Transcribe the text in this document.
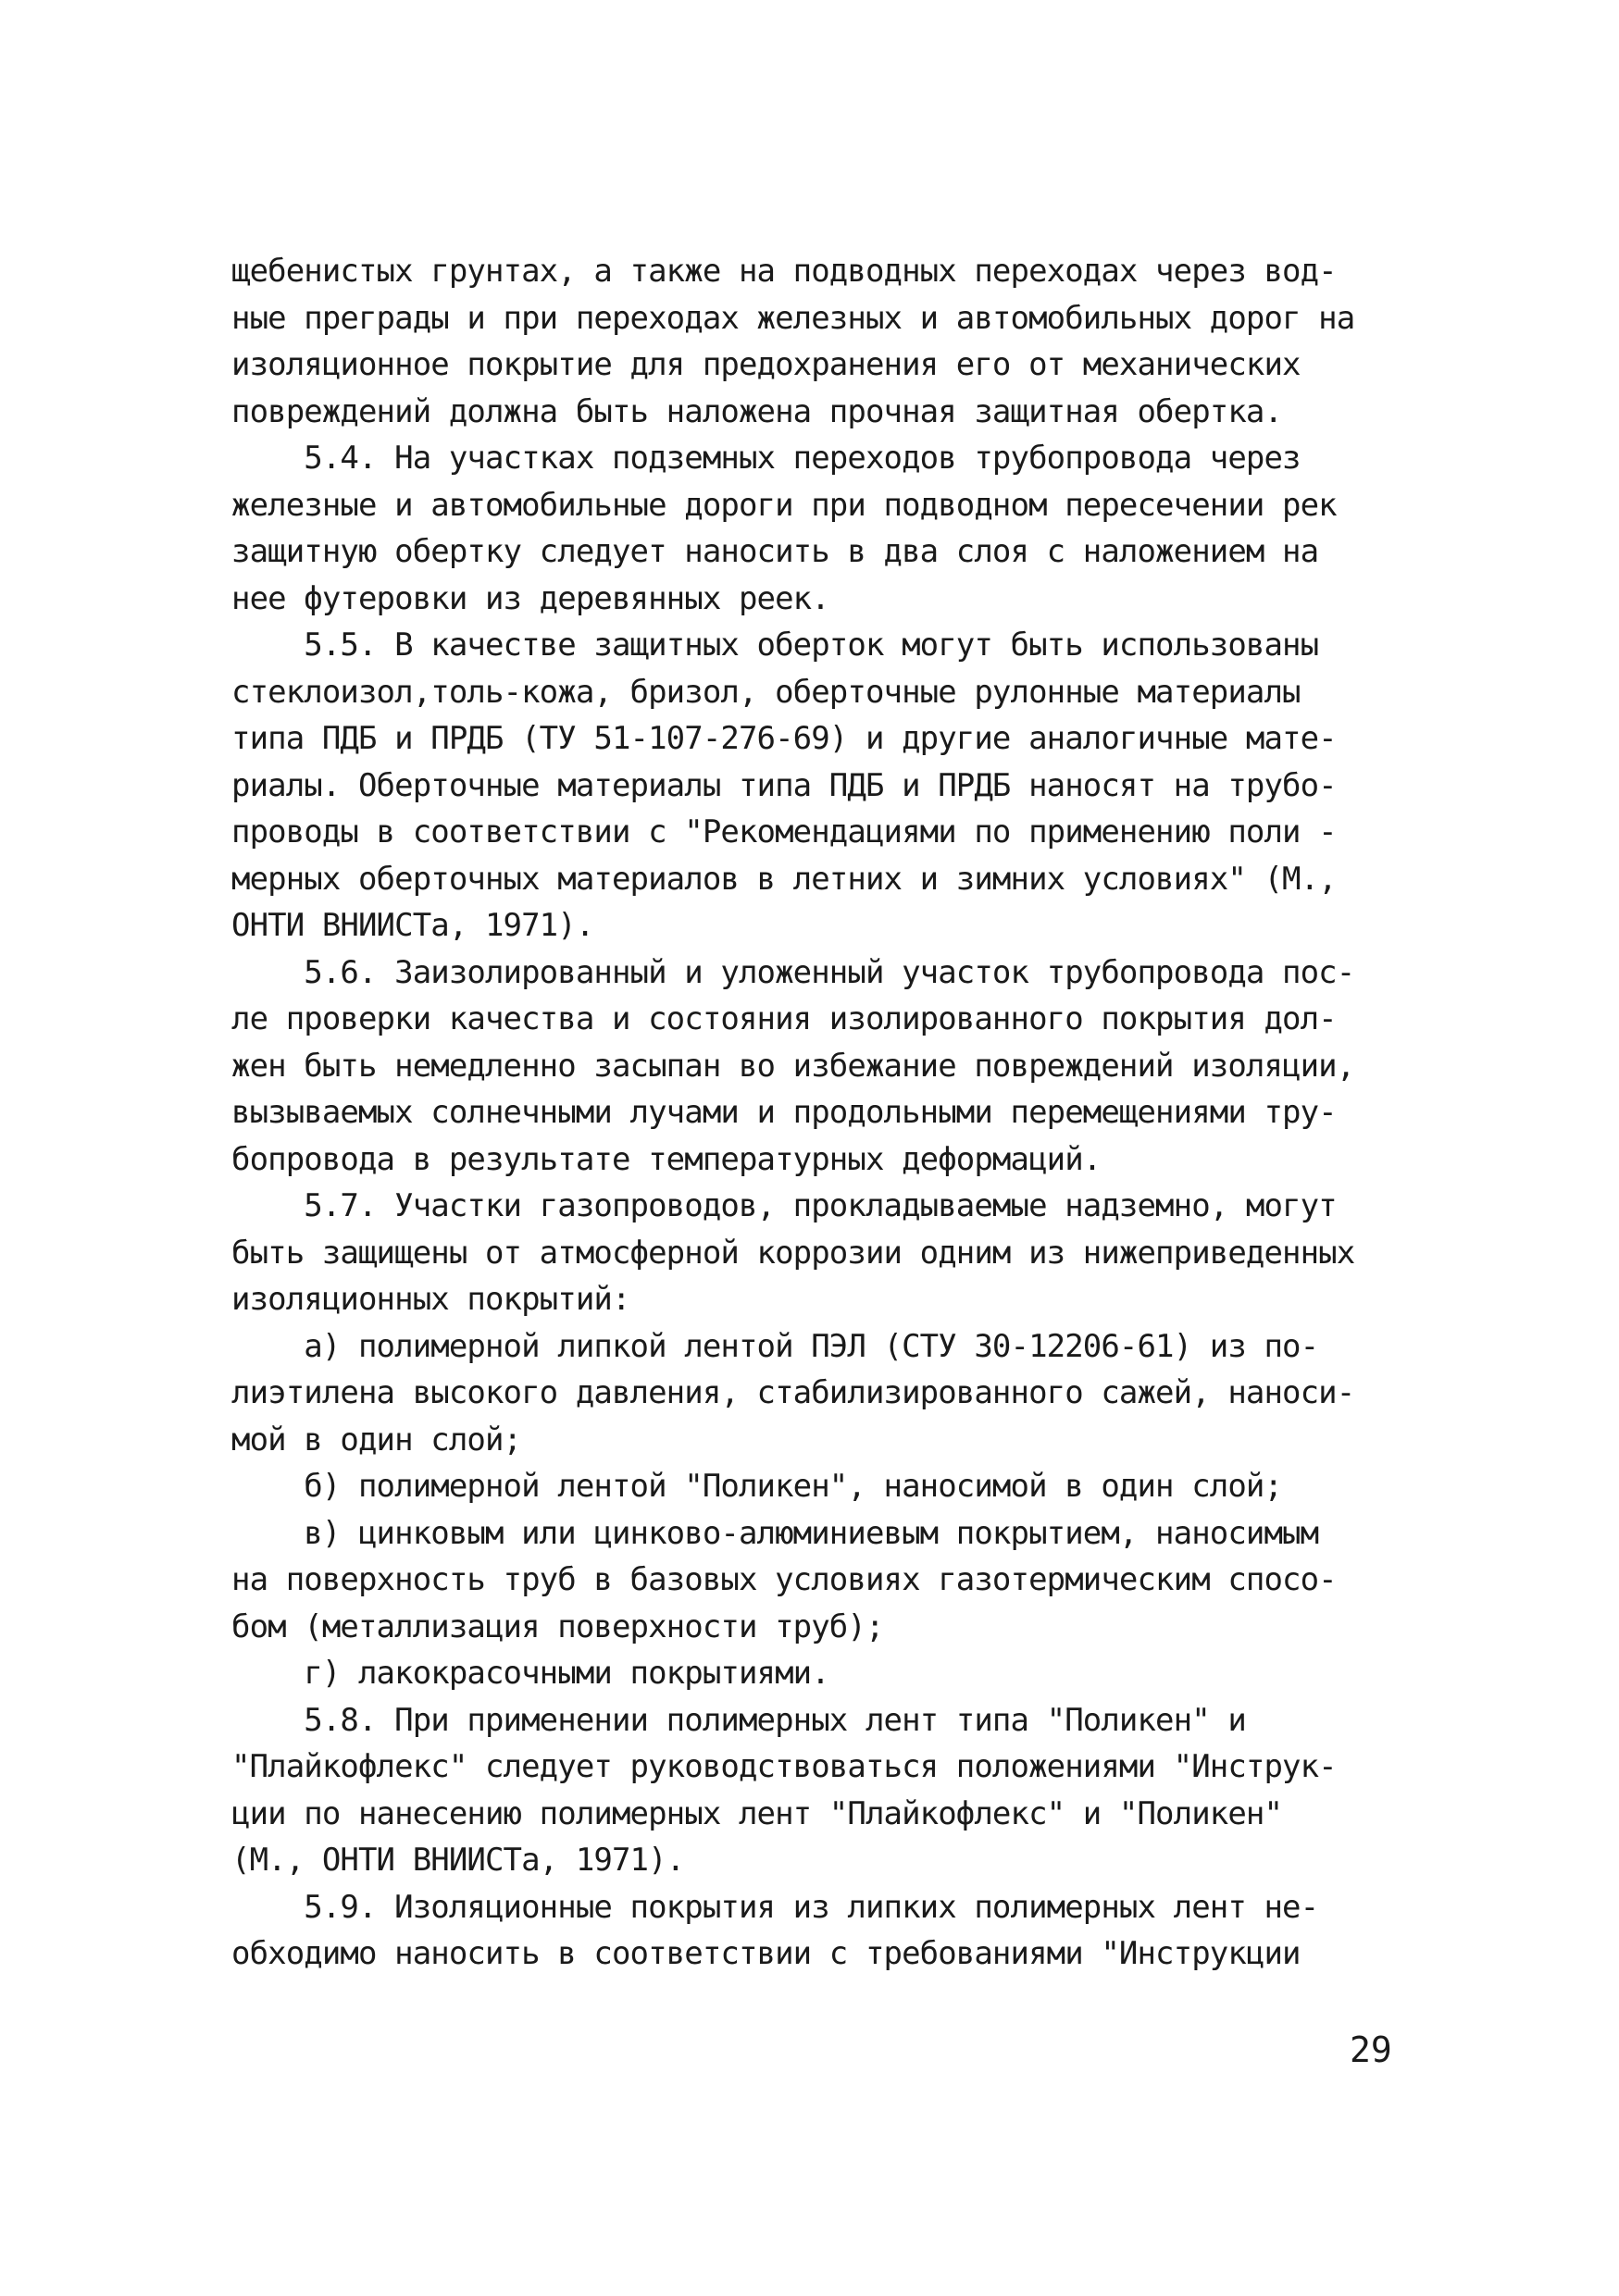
щебенистых грунтах, а также на подводных переходах через вод-
ные преграды и при переходах железных и автомобильных дорог на
изоляционное покрытие для предохранения его от механических
повреждений должна быть наложена прочная защитная обертка.
5.4. На участках подземных переходов трубопровода через
железные и автомобильные дороги при подводном пересечении рек
защитную обертку следует наносить в два слоя с наложением на
нее футеровки из деревянных реек.
5.5. В качестве защитных оберток могут быть использованы
стеклоизол,толь-кожа, бризол, оберточные рулонные материалы
типа ПДБ и ПРДБ (ТУ 51-107-276-69) и другие аналогичные мате-
риалы. Оберточные материалы типа ПДБ и ПРДБ наносят на трубо-
проводы в соответствии с "Рекомендациями по применению поли -
мерных оберточных материалов в летних и зимних условиях" (М.,
ОНТИ ВНИИСТа, 1971).
5.6. Заизолированный и уложенный участок трубопровода пос-
ле проверки качества и состояния изолированного покрытия дол-
жен быть немедленно засыпан во избежание повреждений изоляции,
вызываемых солнечными лучами и продольными перемещениями тру-
бопровода в результате температурных деформаций.
5.7. Участки газопроводов, прокладываемые надземно, могут
быть защищены от атмосферной коррозии одним из нижеприведенных
изоляционных покрытий:
а) полимерной липкой лентой ПЭЛ (СТУ 30-12206-61) из по-
лиэтилена высокого давления, стабилизированного сажей, наноси-
мой в один слой;
б) полимерной лентой "Поликен", наносимой в один слой;
в) цинковым или цинково-алюминиевым покрытием, наносимым
на поверхность труб в базовых условиях газотермическим спосо-
бом (металлизация поверхности труб);
г) лакокрасочными покрытиями.
5.8. При применении полимерных лент типа "Поликен" и
"Плайкофлекс" следует руководствоваться положениями "Инструк-
ции по нанесению полимерных лент "Плайкофлекс" и "Поликен"
(М., ОНТИ ВНИИСТа, 1971).
5.9. Изоляционные покрытия из липких полимерных лент не-
обходимо наносить в соответствии с требованиями "Инструкции
29
